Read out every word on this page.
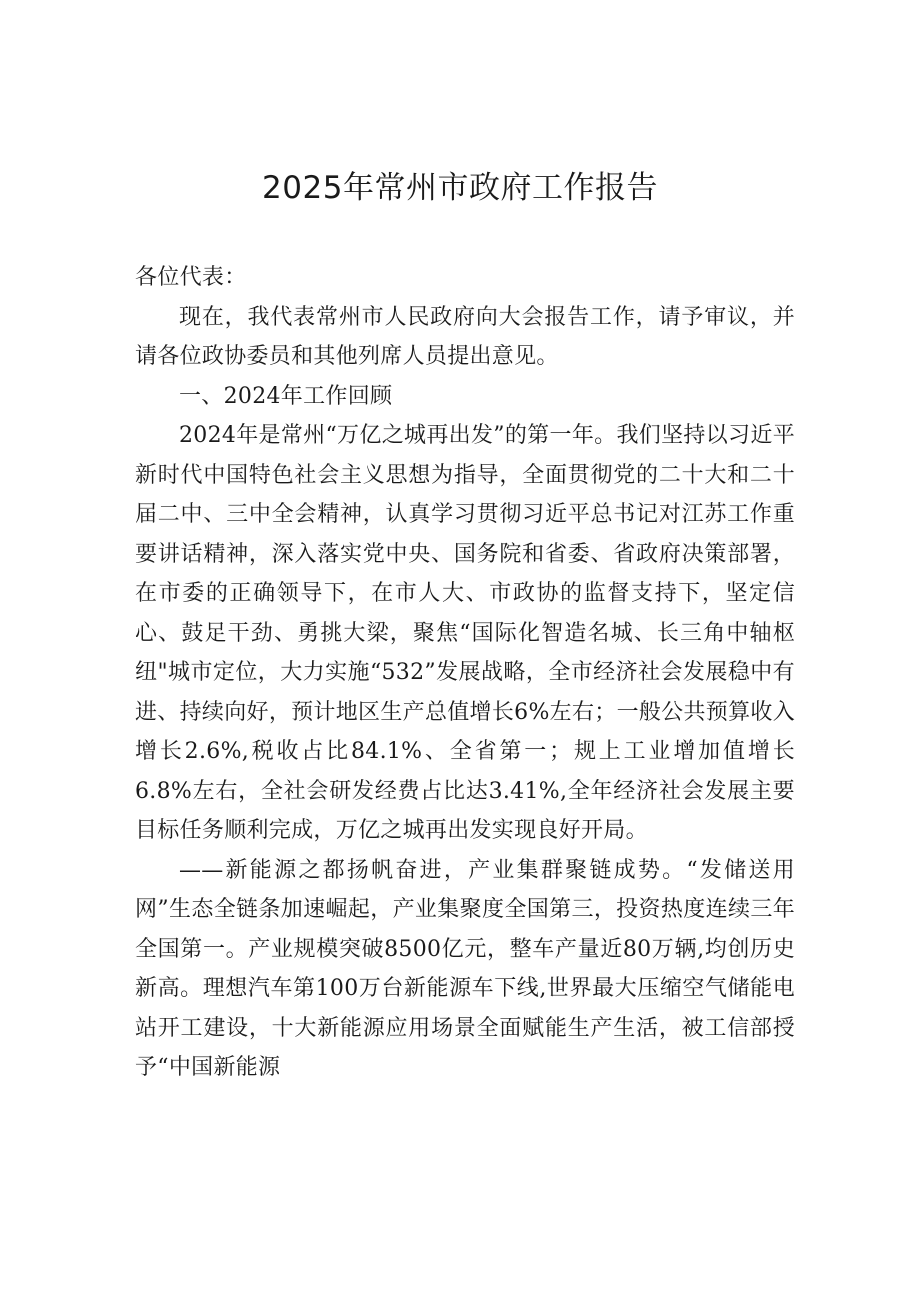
2025年常州市政府工作报告

各位代表：

现在，我代表常州市人民政府向大会报告工作，请予审议，并请各位政协委员和其他列席人员提出意见。

一、2024年工作回顾

2024年是常州“万亿之城再出发”的第一年。我们坚持以习近平新时代中国特色社会主义思想为指导，全面贯彻党的二十大和二十届二中、三中全会精神，认真学习贯彻习近平总书记对江苏工作重要讲话精神，深入落实党中央、国务院和省委、省政府决策部署，在市委的正确领导下，在市人大、市政协的监督支持下，坚定信心、鼓足干劲、勇挑大梁，聚焦“国际化智造名城、长三角中轴枢纽"城市定位，大力实施“532”发展战略，全市经济社会发展稳中有进、持续向好，预计地区生产总值增长6%左右；一般公共预算收入增长2.6%,税收占比84.1%、全省第一；规上工业增加值增长6.8%左右，全社会研发经费占比达3.41%,全年经济社会发展主要目标任务顺利完成，万亿之城再出发实现良好开局。

——新能源之都扬帆奋进，产业集群聚链成势。“发储送用网”生态全链条加速崛起，产业集聚度全国第三，投资热度连续三年全国第一。产业规模突破8500亿元，整车产量近80万辆,均创历史新高。理想汽车第100万台新能源车下线,世界最大压缩空气储能电站开工建设，十大新能源应用场景全面赋能生产生活，被工信部授予“中国新能源
